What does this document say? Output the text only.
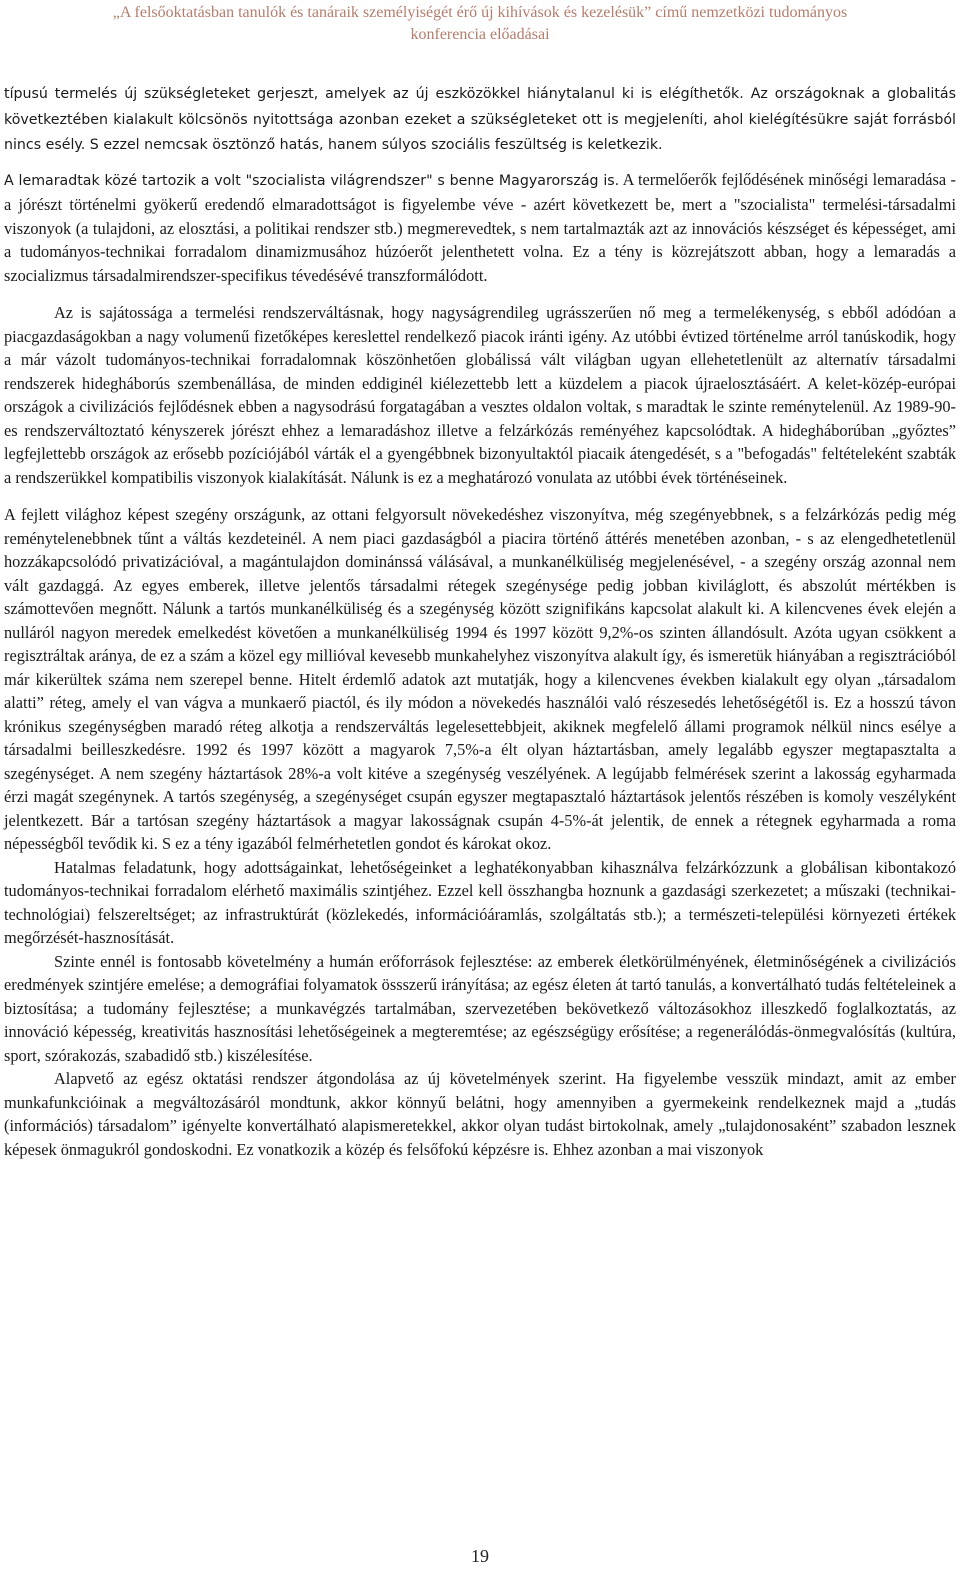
„A felsőoktatásban tanulók és tanáraik személyiségét érő új kihívások és kezelésük” című nemzetközi tudományos
konferencia előadásai

típusú termelés új szükségleteket gerjeszt, amelyek az új eszközökkel hiánytalanul ki is elégíthetők. Az országoknak a globalitás következtében kialakult kölcsönös nyitottsága azonban ezeket a szükségleteket ott is megjeleníti, ahol kielégítésükre saját forrásból nincs esély. S ezzel nemcsak ösztönző hatás, hanem súlyos szociális feszültség is keletkezik.

A lemaradtak közé tartozik a volt "szocialista világrendszer" s benne Magyarország is. A termelőerők fejlődésének minőségi lemaradása - a jórészt történelmi gyökerű eredendő elmaradottságot is figyelembe véve - azért következett be, mert a "szocialista" termelési-társadalmi viszonyok (a tulajdoni, az elosztási, a politikai rendszer stb.) megmerevedtek, s nem tartalmazták azt az innovációs készséget és képességet, ami a tudományos-technikai forradalom dinamizmusához húzóerőt jelenthetett volna. Ez a tény is közrejátszott abban, hogy a lemaradás a szocializmus társadalmirendszer-specifikus tévedésévé transzformálódott.

Az is sajátossága a termelési rendszerváltásnak, hogy nagyságrendileg ugrásszerűen nő meg a termelékenység, s ebből adódóan a piacgazdaságokban a nagy volumenű fizetőképes kereslettel rendelkező piacok iránti igény. Az utóbbi évtized történelme arról tanúskodik, hogy a már vázolt tudományos-technikai forradalomnak köszönhetően globálissá vált világban ugyan ellehetetlenült az alternatív társadalmi rendszerek hidegháborús szembenállása, de minden eddiginél kiélezettebb lett a küzdelem a piacok újraelosztásáért. A kelet-közép-európai országok a civilizációs fejlődésnek ebben a nagysodrású forgatagában a vesztes oldalon voltak, s maradtak le szinte reménytelenül. Az 1989-90-es rendszerváltoztató kényszerek jórészt ehhez a lemaradáshoz illetve a felzárkózás reményéhez kapcsolódtak. A hidegháborúban „győztes” legfejlettebb országok az erősebb pozíciójából várták el a gyengébbnek bizonyultaktól piacaik átengedését, s a "befogadás" feltételeként szabták a rendszerükkel kompatibilis viszonyok kialakítását. Nálunk is ez a meghatározó vonulata az utóbbi évek történéseinek.

A fejlett világhoz képest szegény országunk, az ottani felgyorsult növekedéshez viszonyítva, még szegényebbnek, s a felzárkózás pedig még reménytelenebbnek tűnt a váltás kezdeteinél. A nem piaci gazdaságból a piacira történő áttérés menetében azonban, - s az elengedhetetlenül hozzákapcsolódó privatizációval, a magántulajdon dominánssá válásával, a munkanélküliség megjelenésével, - a szegény ország azonnal nem vált gazdaggá. Az egyes emberek, illetve jelentős társadalmi rétegek szegénysége pedig jobban kiviláglott, és abszolút mértékben is számottevően megnőtt. Nálunk a tartós munkanélküliség és a szegénység között szignifikáns kapcsolat alakult ki. A kilencvenes évek elején a nulláról nagyon meredek emelkedést követően a munkanélküliség 1994 és 1997 között 9,2%-os szinten állandósult. Azóta ugyan csökkent a regisztráltak aránya, de ez a szám a közel egy millióval kevesebb munkahelyhez viszonyítva alakult így, és ismeretük hiányában a regisztrációból már kikerültek száma nem szerepel benne. Hitelt érdemlő adatok azt mutatják, hogy a kilencvenes években kialakult egy olyan „társadalom alatti” réteg, amely el van vágva a munkaerő piactól, és ily módon a növekedés használói való részesedés lehetőségétől is. Ez a hosszú távon krónikus szegénységben maradó réteg alkotja a rendszerváltás legelesettebbjeit, akiknek megfelelő állami programok nélkül nincs esélye a társadalmi beilleszkedésre. 1992 és 1997 között a magyarok 7,5%-a élt olyan háztartásban, amely legalább egyszer megtapasztalta a szegénységet. A nem szegény háztartások 28%-a volt kitéve a szegénység veszélyének. A legújabb felmérések szerint a lakosság egyharmada érzi magát szegénynek. A tartós szegénység, a szegénységet csupán egyszer megtapasztaló háztartások jelentős részében is komoly veszélyként jelentkezett. Bár a tartósan szegény háztartások a magyar lakosságnak csupán 4-5%-át jelentik, de ennek a rétegnek egyharmada a roma népességből tevődik ki. S ez a tény igazából felmérhetetlen gondot és károkat okoz.

Hatalmas feladatunk, hogy adottságainkat, lehetőségeinket a leghatékonyabban kihasználva felzárkózzunk a globálisan kibontakozó tudományos-technikai forradalom elérhető maximális szintjéhez. Ezzel kell összhangba hoznunk a gazdasági szerkezetet; a műszaki (technikai-technológiai) felszereltséget; az infrastruktúrát (közlekedés, információáramlás, szolgáltatás stb.); a természeti-települési környezeti értékek megőrzését-hasznosítását.

Szinte ennél is fontosabb követelmény a humán erőforrások fejlesztése: az emberek életkörülményének, életminőségének a civilizációs eredmények szintjére emelése; a demográfiai folyamatok össszerű irányítása; az egész életen át tartó tanulás, a konvertálható tudás feltételeinek a biztosítása; a tudomány fejlesztése; a munkavégzés tartalmában, szervezetében bekövetkező változásokhoz illeszkedő foglalkoztatás, az innováció képesség, kreativitás hasznosítási lehetőségeinek a megteremtése; az egészségügy erősítése; a regenerálódás-önmegvalósítás (kultúra, sport, szórakozás, szabadidő stb.) kiszélesítése.

Alapvető az egész oktatási rendszer átgondolása az új követelmények szerint. Ha figyelembe vesszük mindazt, amit az ember munkafunkcióinak a megváltozásáról mondtunk, akkor könnyű belátni, hogy amennyiben a gyermekeink rendelkeznek majd a „tudás (információs) társadalom” igényelte konvertálható alapismeretekkel, akkor olyan tudást birtokolnak, amely „tulajdonosaként” szabadon lesznek képesek önmagukról gondoskodni. Ez vonatkozik a közép és felsőfokú képzésre is. Ehhez azonban a mai viszonyok

19
